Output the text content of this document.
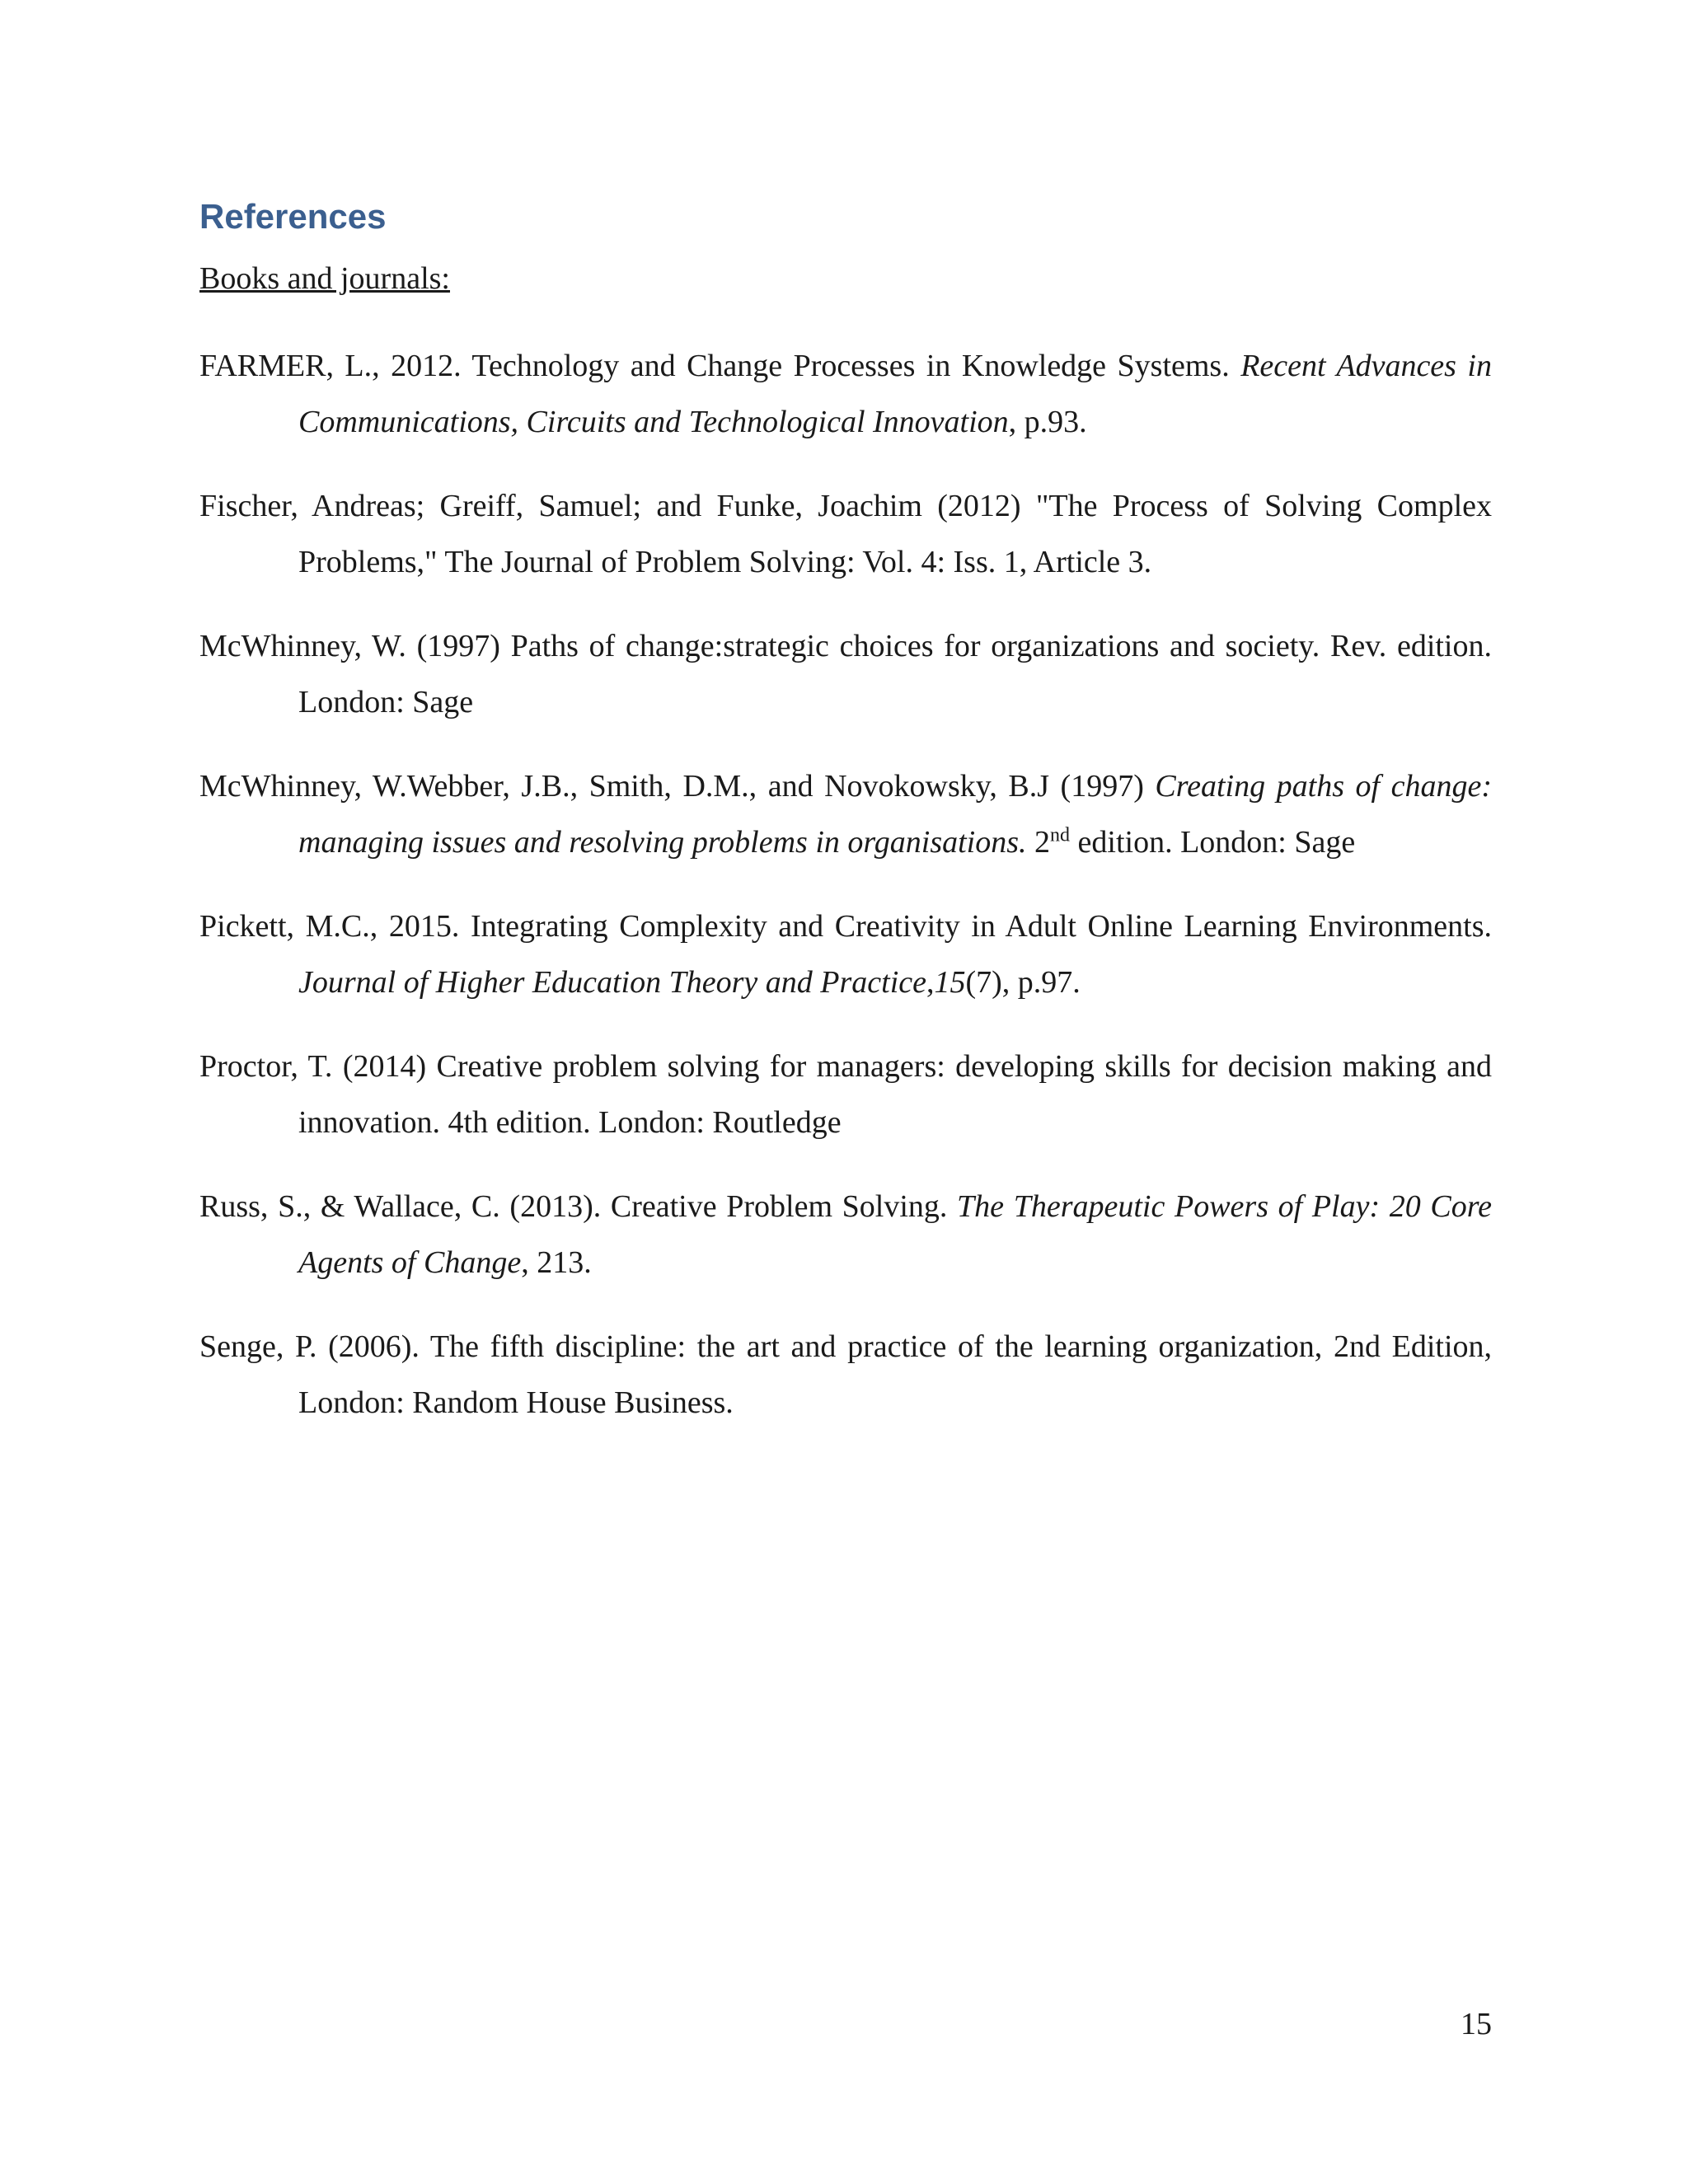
References
Books and journals:

FARMER, L., 2012. Technology and Change Processes in Knowledge Systems. Recent Advances in Communications, Circuits and Technological Innovation, p.93.

Fischer, Andreas; Greiff, Samuel; and Funke, Joachim (2012) "The Process of Solving Complex Problems," The Journal of Problem Solving: Vol. 4: Iss. 1, Article 3.

McWhinney, W. (1997) Paths of change:strategic choices for organizations and society. Rev. edition. London: Sage

McWhinney, W.Webber, J.B., Smith, D.M., and Novokowsky, B.J (1997) Creating paths of change: managing issues and resolving problems in organisations. 2nd edition. London: Sage

Pickett, M.C., 2015. Integrating Complexity and Creativity in Adult Online Learning Environments. Journal of Higher Education Theory and Practice,15(7), p.97.

Proctor, T. (2014) Creative problem solving for managers: developing skills for decision making and innovation. 4th edition. London: Routledge

Russ, S., & Wallace, C. (2013). Creative Problem Solving. The Therapeutic Powers of Play: 20 Core Agents of Change, 213.

Senge, P. (2006). The fifth discipline: the art and practice of the learning organization, 2nd Edition, London: Random House Business.

15
